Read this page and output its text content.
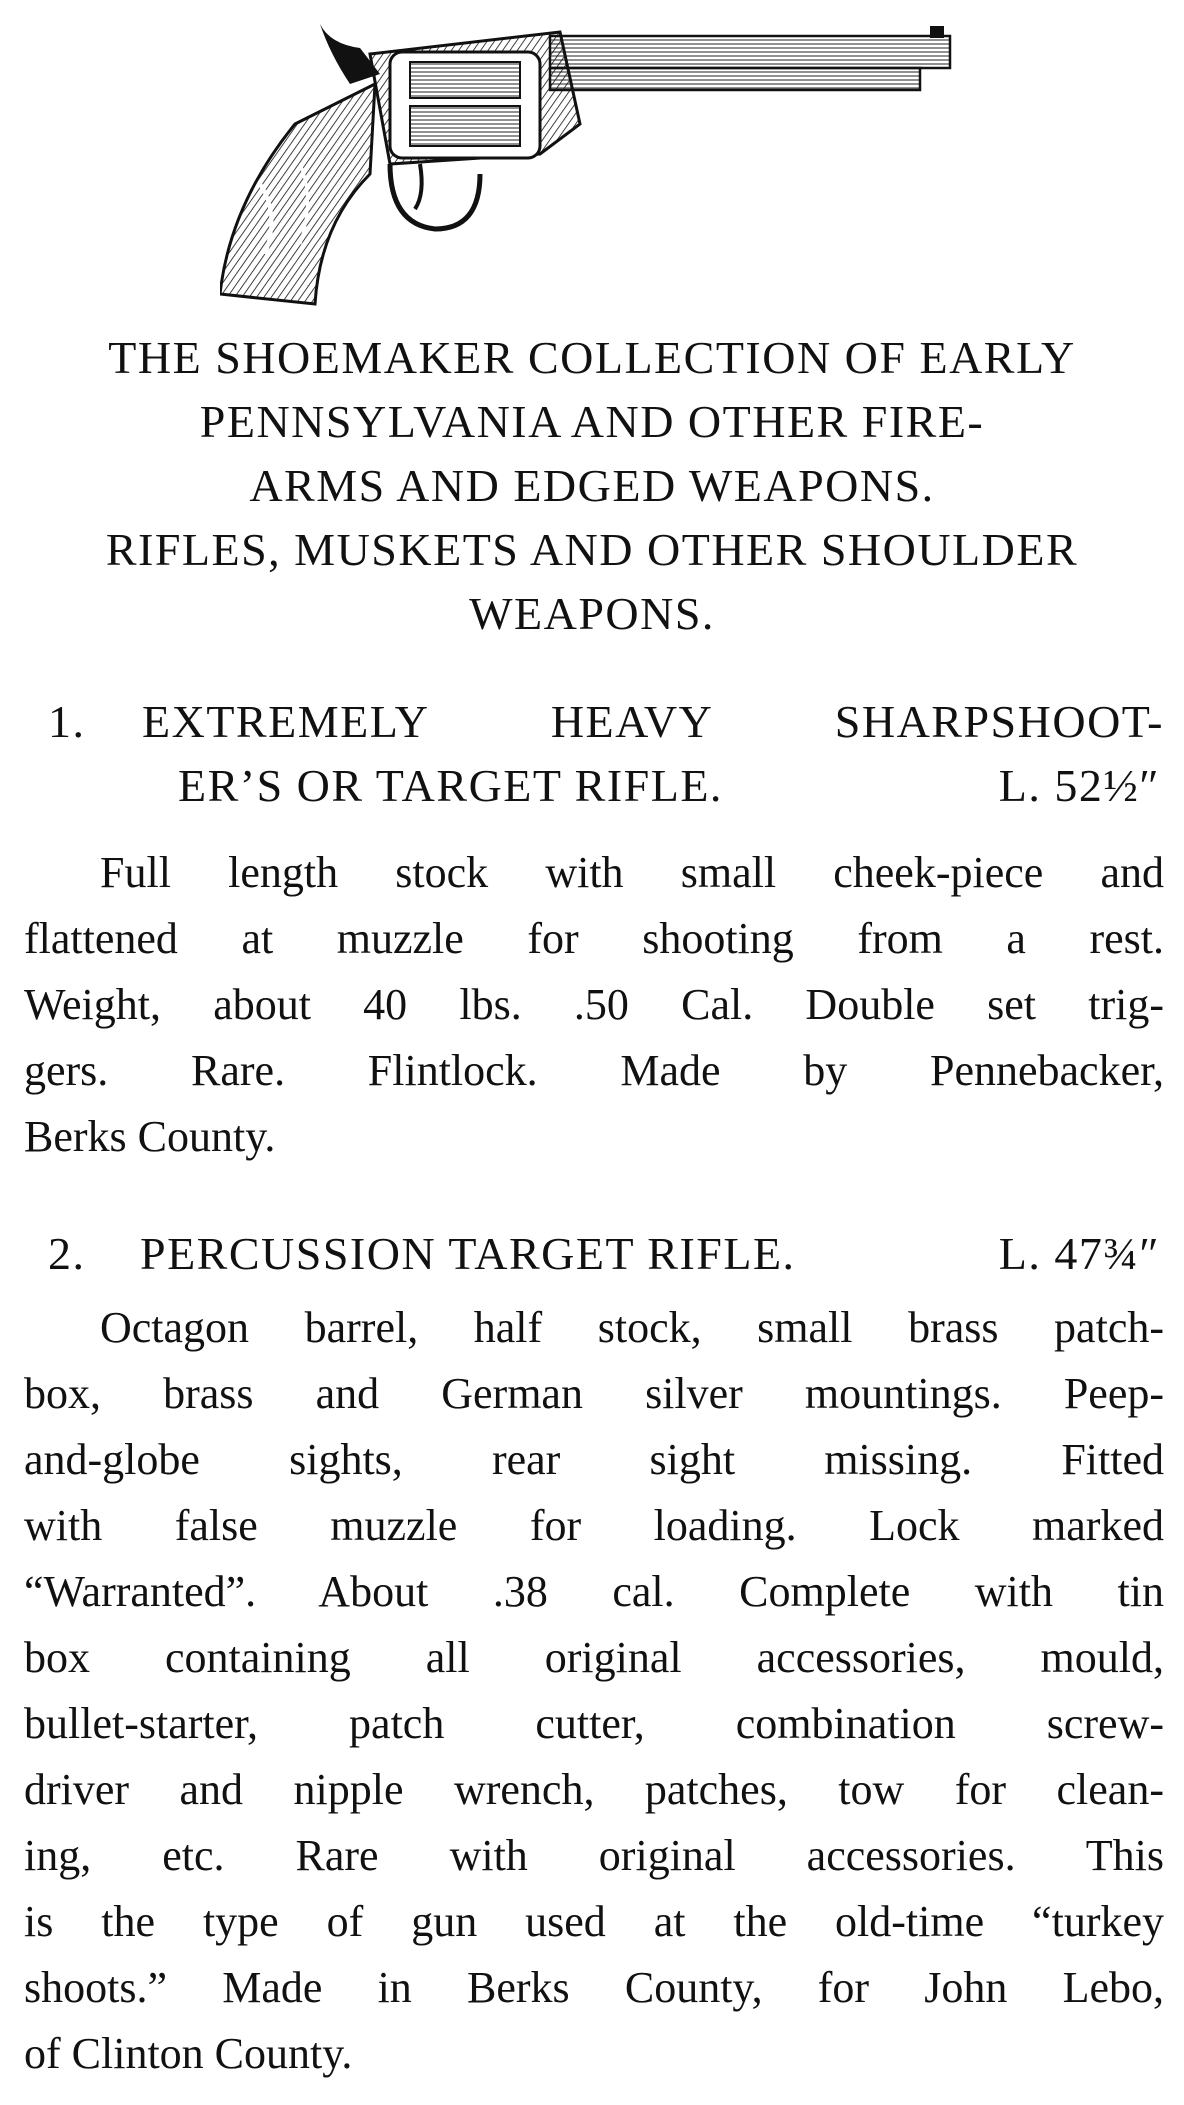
THE SHOEMAKER COLLECTION OF EARLY
PENNSYLVANIA AND OTHER FIRE-
ARMS AND EDGED WEAPONS.
RIFLES, MUSKETS AND OTHER SHOULDER
WEAPONS.
1. EXTREMELY HEAVY SHARPSHOOT-
ER’S OR TARGET RIFLE.	L. 52½″
Full length stock with small cheek-piece and
flattened at muzzle for shooting from a rest.
Weight, about 40 lbs. .50 Cal. Double set trig-
gers. Rare. Flintlock. Made by Pennebacker,
Berks County.
2. PERCUSSION TARGET RIFLE.	L. 47¾″
Octagon barrel, half stock, small brass patch-
box, brass and German silver mountings. Peep-
and-globe sights, rear sight missing. Fitted
with false muzzle for loading. Lock marked
“Warranted”. About .38 cal. Complete with tin
box containing all original accessories, mould,
bullet-starter, patch cutter, combination screw-
driver and nipple wrench, patches, tow for clean-
ing, etc. Rare with original accessories. This
is the type of gun used at the old-time “turkey
shoots.” Made in Berks County, for John Lebo,
of Clinton County.
